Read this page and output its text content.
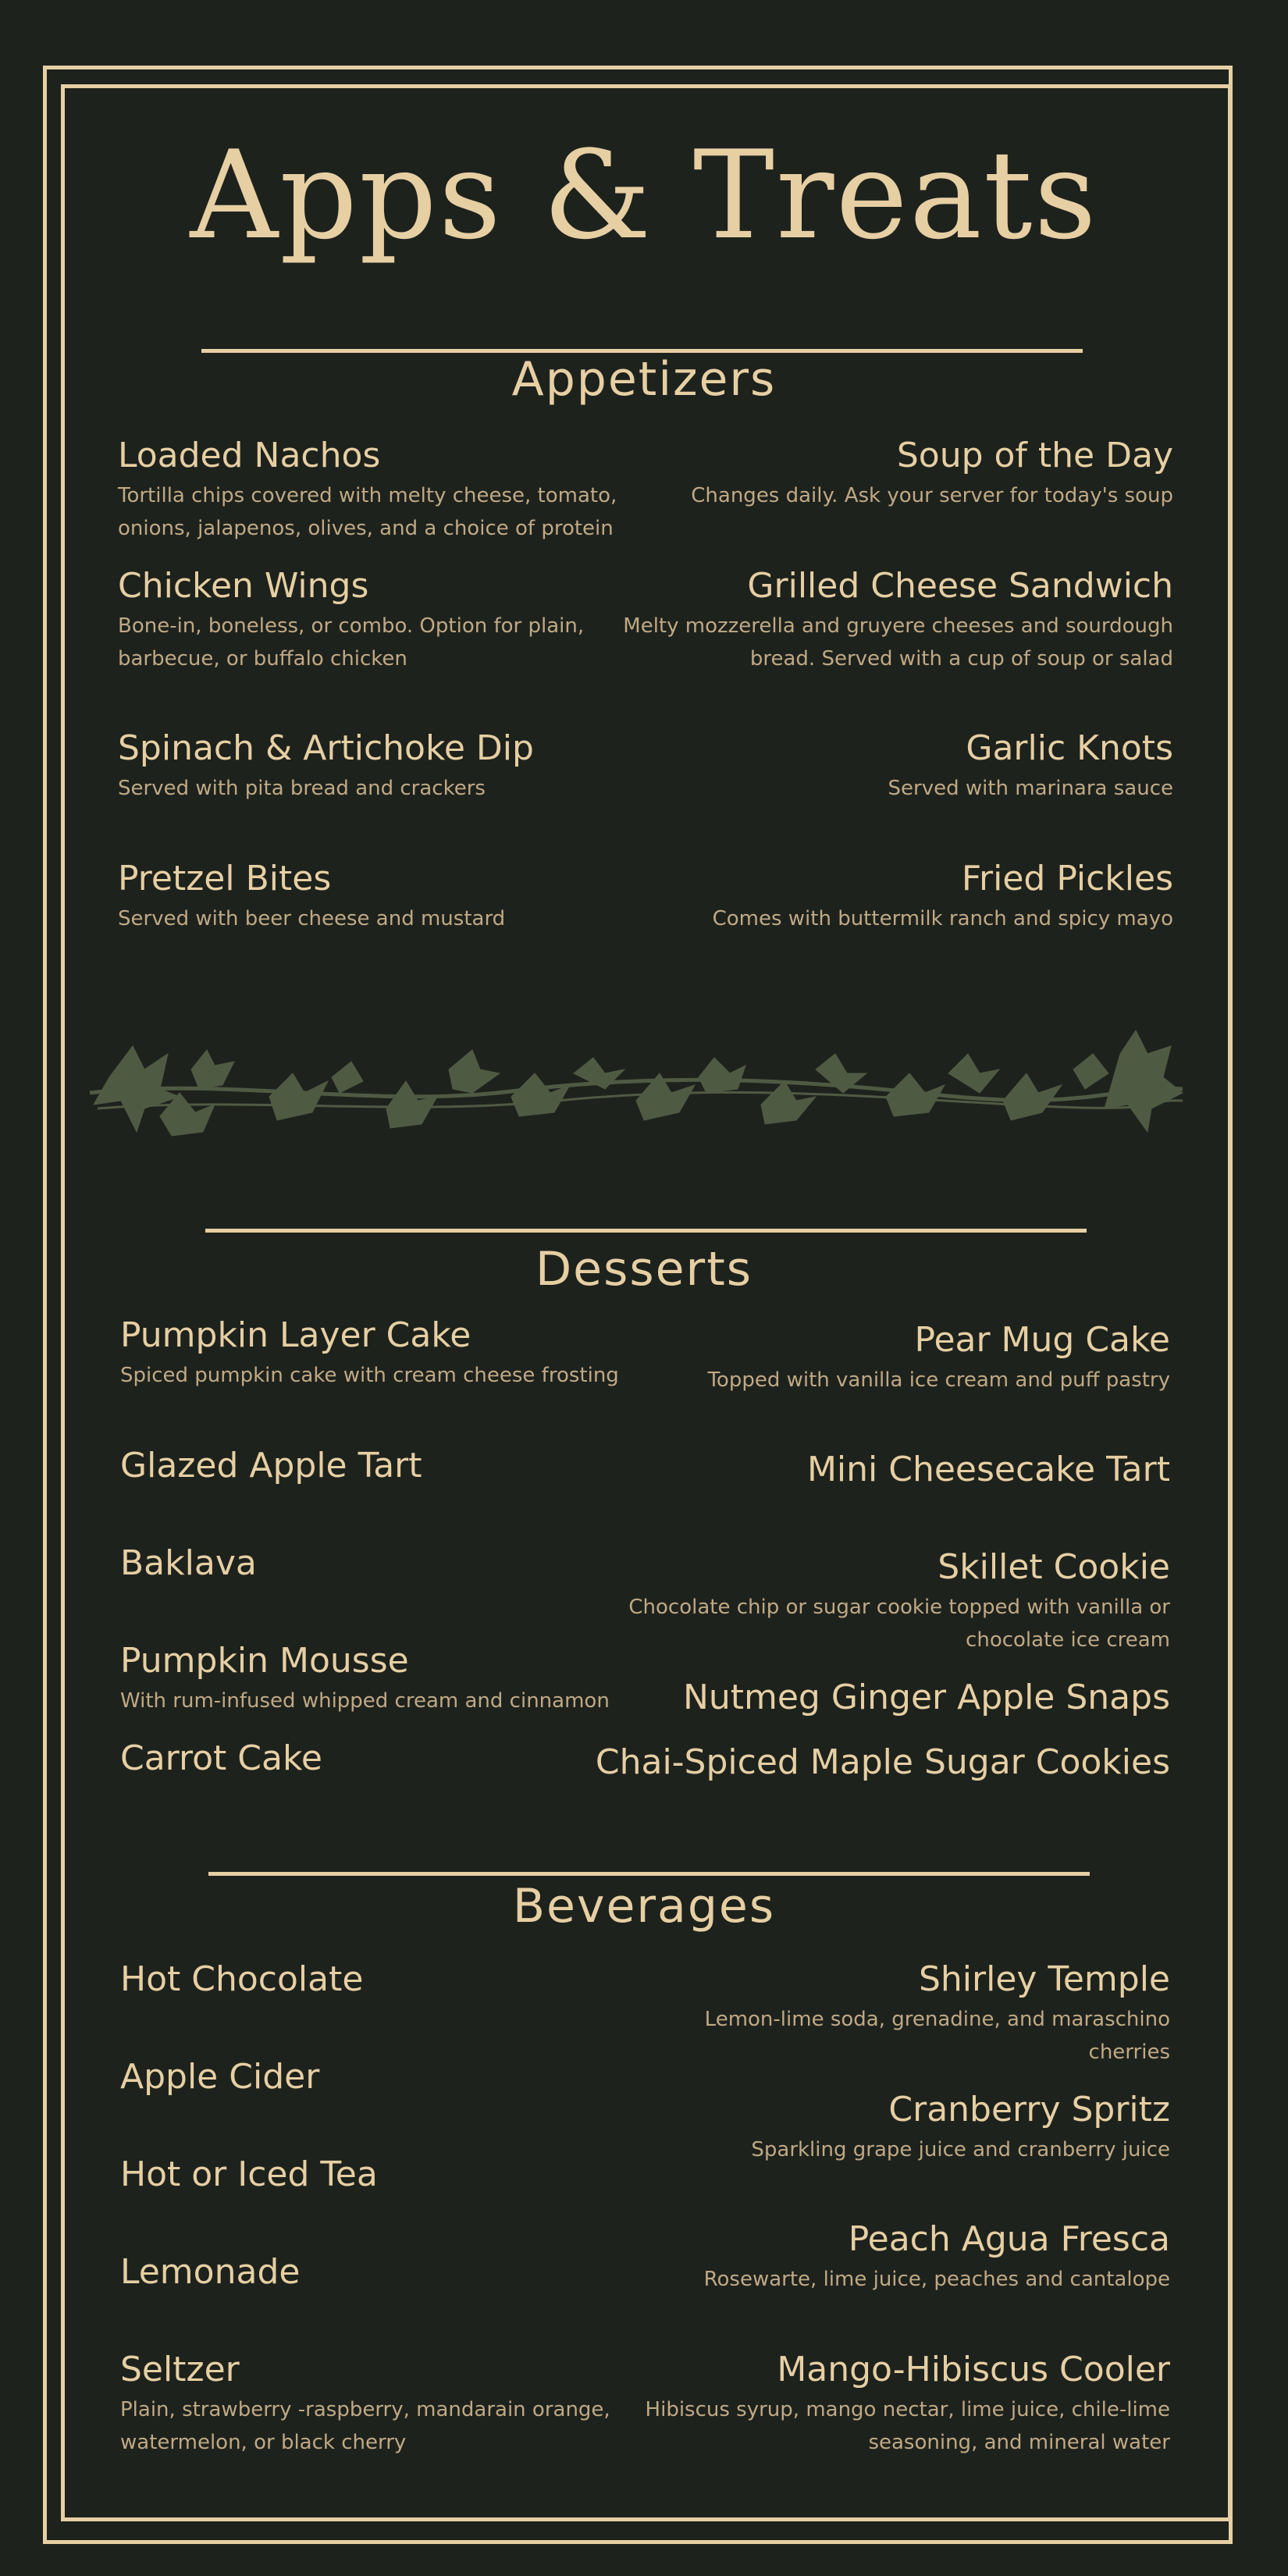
Apps & Treats
Appetizers
Loaded Nachos
Tortilla chips covered with melty cheese, tomato, onions, jalapenos, olives, and a choice of protein
Chicken Wings
Bone-in, boneless, or combo. Option for plain, barbecue, or buffalo chicken
Spinach & Artichoke Dip
Served with pita bread and crackers
Pretzel Bites
Served with beer cheese and mustard
Soup of the Day
Changes daily. Ask your server for today's soup
Grilled Cheese Sandwich
Melty mozzerella and gruyere cheeses and sourdough bread. Served with a cup of soup or salad
Garlic Knots
Served with marinara sauce
Fried Pickles
Comes with buttermilk ranch and spicy mayo
Desserts
Pumpkin Layer Cake
Spiced pumpkin cake with cream cheese frosting
Glazed Apple Tart
Baklava
Pumpkin Mousse
With rum-infused whipped cream and cinnamon
Carrot Cake
Pear Mug Cake
Topped with vanilla ice cream and puff pastry
Mini Cheesecake Tart
Skillet Cookie
Chocolate chip or sugar cookie topped with vanilla or chocolate ice cream
Nutmeg Ginger Apple Snaps
Chai-Spiced Maple Sugar Cookies
Beverages
Hot Chocolate
Apple Cider
Hot or Iced Tea
Lemonade
Seltzer
Plain, strawberry -raspberry, mandarain orange, watermelon, or black cherry
Shirley Temple
Lemon-lime soda, grenadine, and maraschino cherries
Cranberry Spritz
Sparkling grape juice and cranberry juice
Peach Agua Fresca
Rosewarte, lime juice, peaches and cantalope
Mango-Hibiscus Cooler
Hibiscus syrup, mango nectar, lime juice, chile-lime seasoning, and mineral water
